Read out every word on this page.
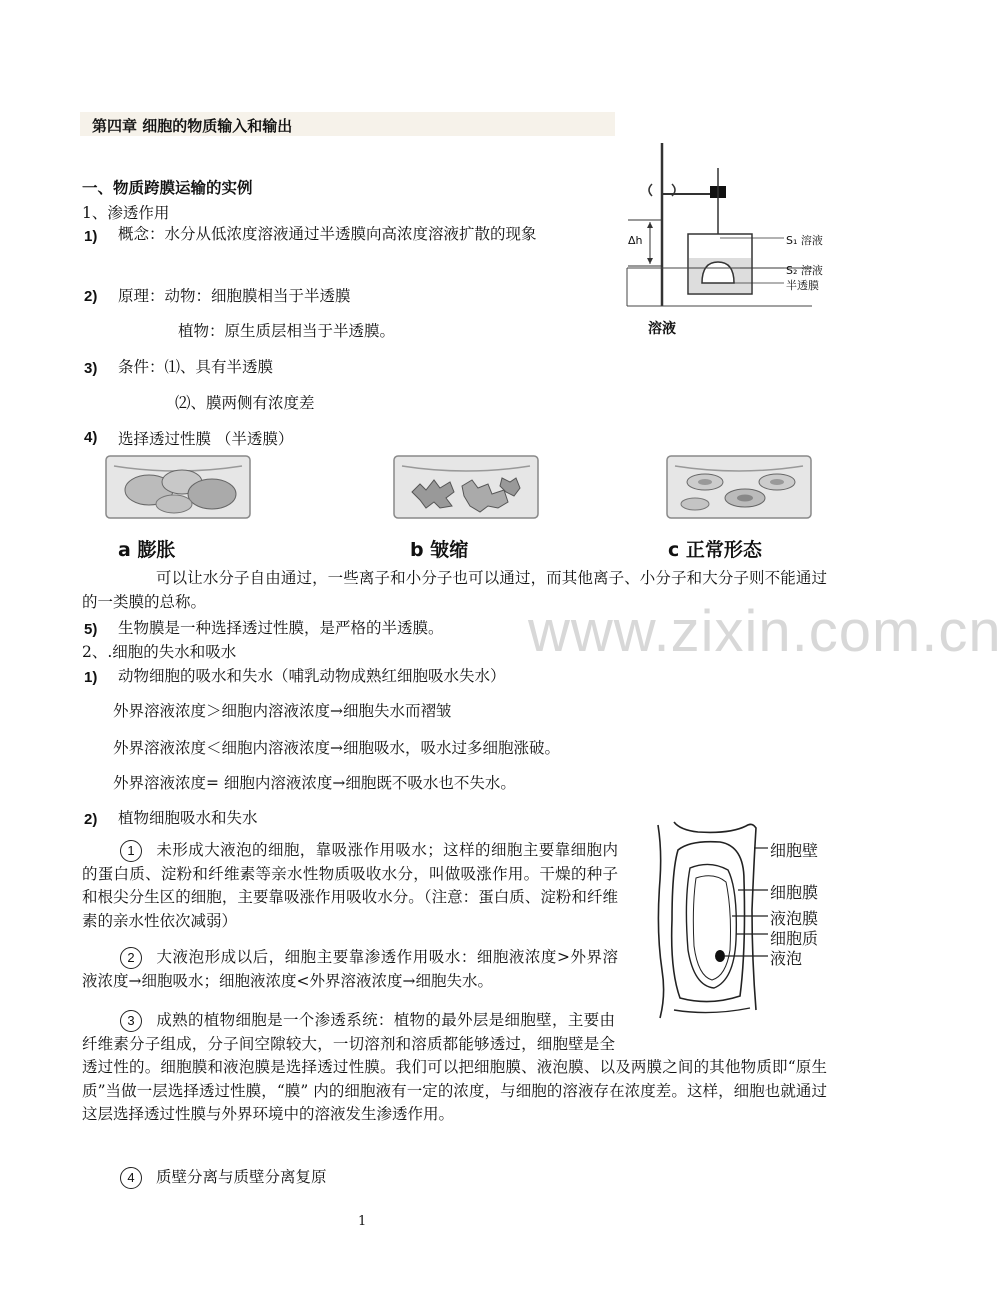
www.zixin.com.cn
第四章 细胞的物质输入和输出
一、物质跨膜运输的实例
1、渗透作用
1) 概念：水分从低浓度溶液通过半透膜向高浓度溶液扩散的现象
2) 原理：动物：细胞膜相当于半透膜
植物：原生质层相当于半透膜。
3) 条件：⑴、具有半透膜
⑵、膜两侧有浓度差
4) 选择透过性膜 （半透膜）
Δh	S₁ 溶液
S₂ 溶液
半透膜
溶液
a 膨胀	b 皱缩	c 正常形态
可以让水分子自由通过，一些离子和小分子也可以通过，而其他离子、小分子和大分子则不能通过的一类膜的总称。
5) 生物膜是一种选择透过性膜，是严格的半透膜。
2、.细胞的失水和吸水
1) 动物细胞的吸水和失水（哺乳动物成熟红细胞吸水失水）
外界溶液浓度＞细胞内溶液浓度→细胞失水而褶皱
外界溶液浓度＜细胞内溶液浓度→细胞吸水，吸水过多细胞涨破。
外界溶液浓度= 细胞内溶液浓度→细胞既不吸水也不失水。
2) 植物细胞吸水和失水
1 未形成大液泡的细胞，靠吸涨作用吸水；这样的细胞主要靠细胞内的蛋白质、淀粉和纤维素等亲水性物质吸收水分，叫做吸涨作用。干燥的种子和根尖分生区的细胞，主要靠吸涨作用吸收水分。（注意：蛋白质、淀粉和纤维素的亲水性依次减弱）
2 大液泡形成以后，细胞主要靠渗透作用吸水：细胞液浓度>外界溶液浓度→细胞吸水；细胞液浓度<外界溶液浓度→细胞失水。
3 成熟的植物细胞是一个渗透系统：植物的最外层是细胞壁，主要由纤维素分子组成，分子间空隙较大，一切溶剂和溶质都能够透过，细胞壁是全透过性的。细胞膜和液泡膜是选择透过性膜。我们可以把细胞膜、液泡膜、以及两膜之间的其他物质即“原生质”当做一层选择透过性膜，“膜” 内的细胞液有一定的浓度，与细胞的溶液存在浓度差。这样，细胞也就通过这层选择透过性膜与外界环境中的溶液发生渗透作用。
4 质壁分离与质壁分离复原
细胞壁
细胞膜
液泡膜
细胞质
液泡
1
